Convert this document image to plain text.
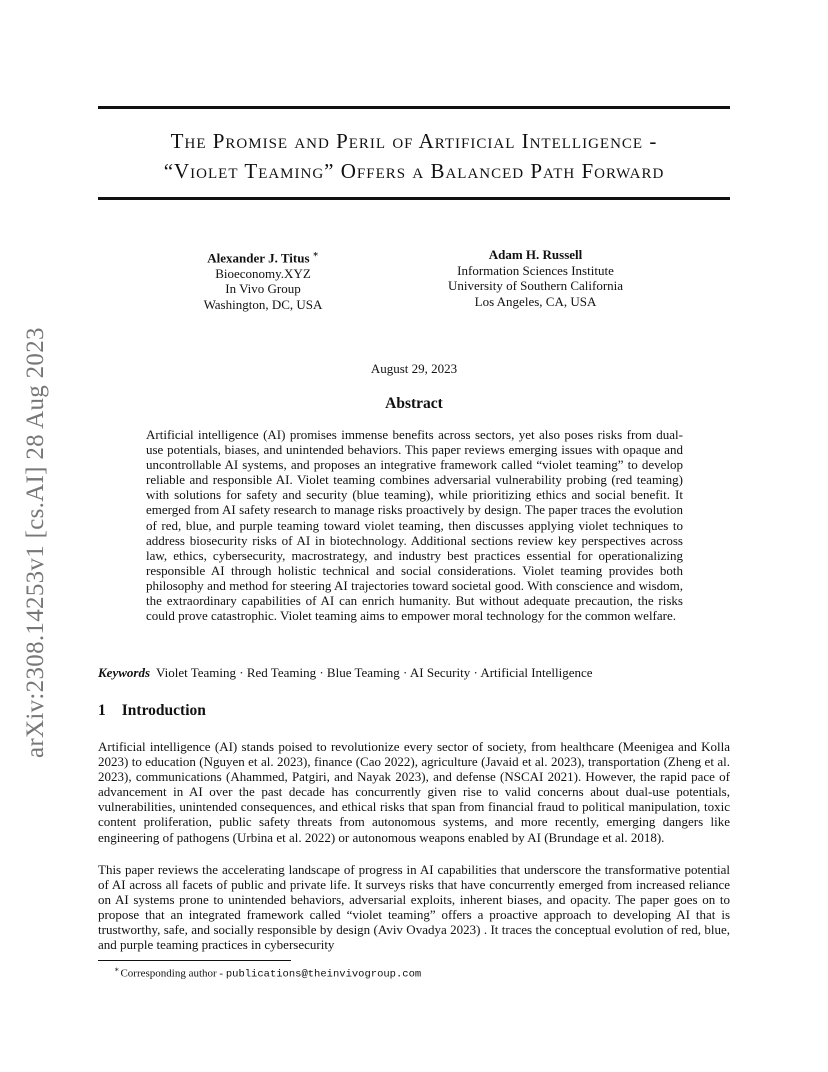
arXiv:2308.14253v1 [cs.AI] 28 Aug 2023
The Promise and Peril of Artificial Intelligence -
“Violet Teaming” Offers a Balanced Path Forward
Alexander J. Titus ∗
Bioeconomy.XYZ
In Vivo Group
Washington, DC, USA
Adam H. Russell
Information Sciences Institute
University of Southern California
Los Angeles, CA, USA
August 29, 2023
Abstract
Artificial intelligence (AI) promises immense benefits across sectors, yet also poses risks from dual-use potentials, biases, and unintended behaviors. This paper reviews emerging issues with opaque and uncontrollable AI systems, and proposes an integrative framework called “violet teaming” to develop reliable and responsible AI. Violet teaming combines adversarial vulnerability probing (red teaming) with solutions for safety and security (blue teaming), while prioritizing ethics and social benefit. It emerged from AI safety research to manage risks proactively by design. The paper traces the evolution of red, blue, and purple teaming toward violet teaming, then discusses applying violet techniques to address biosecurity risks of AI in biotechnology. Additional sections review key perspectives across law, ethics, cybersecurity, macrostrategy, and industry best practices essential for operationalizing responsible AI through holistic technical and social considerations. Violet teaming provides both philosophy and method for steering AI trajectories toward societal good. With conscience and wisdom, the extraordinary capabilities of AI can enrich humanity. But without adequate precaution, the risks could prove catastrophic. Violet teaming aims to empower moral technology for the common welfare.
Keywords Violet Teaming · Red Teaming · Blue Teaming · AI Security · Artificial Intelligence
1 Introduction
Artificial intelligence (AI) stands poised to revolutionize every sector of society, from healthcare (Meenigea and Kolla 2023) to education (Nguyen et al. 2023), finance (Cao 2022), agriculture (Javaid et al. 2023), transportation (Zheng et al. 2023), communications (Ahammed, Patgiri, and Nayak 2023), and defense (NSCAI 2021). However, the rapid pace of advancement in AI over the past decade has concurrently given rise to valid concerns about dual-use potentials, vulnerabilities, unintended consequences, and ethical risks that span from financial fraud to political manipulation, toxic content proliferation, public safety threats from autonomous systems, and more recently, emerging dangers like engineering of pathogens (Urbina et al. 2022) or autonomous weapons enabled by AI (Brundage et al. 2018).
This paper reviews the accelerating landscape of progress in AI capabilities that underscore the transformative potential of AI across all facets of public and private life. It surveys risks that have concurrently emerged from increased reliance on AI systems prone to unintended behaviors, adversarial exploits, inherent biases, and opacity. The paper goes on to propose that an integrated framework called “violet teaming” offers a proactive approach to developing AI that is trustworthy, safe, and socially responsible by design (Aviv Ovadya 2023) . It traces the conceptual evolution of red, blue, and purple teaming practices in cybersecurity
∗Corresponding author - publications@theinvivogroup.com
